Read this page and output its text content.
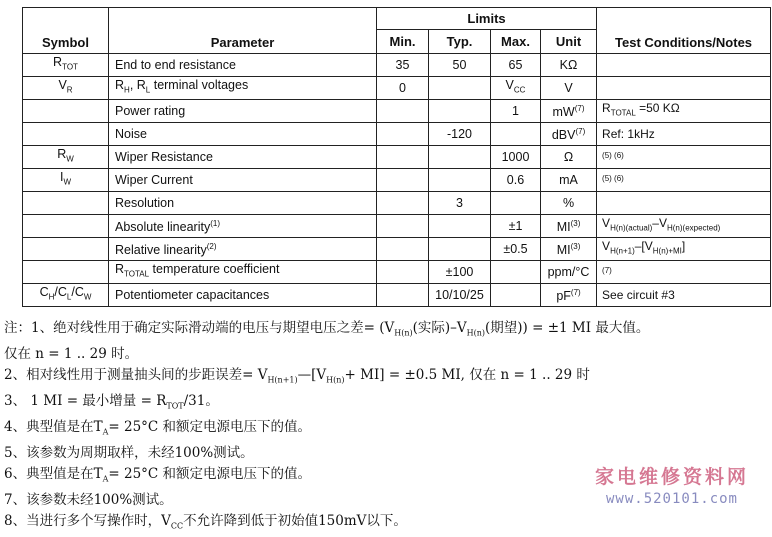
Symbol	Parameter	Limits				Test Conditions/Notes
		Min.	Typ.	Max.	Unit	
$R_{TOT}$	End to end resistance	35	50	65	KΩ	
$V_R$	$R_H$, $R_L$ terminal voltages	0		$V_{CC}$	V	
	Power rating			1	$mW^{(7)}$	$R_{TOTAL} =50$ KΩ
	Noise		-120		dBV$^{(7)}$	Ref: 1kHz
$R_W$	Wiper Resistance			1000	Ω	$^{(5) (6)}$
$I_W$	Wiper Current			0.6	mA	$^{(5) (6)}$
	Resolution		3		%	
	Absolute linearity$^{(1)}$			±1	MI$^{(3)}$	$V_{H(n)(actual)}-V_{H(n)(expected)}$
	Relative linearity$^{(2)}$			±0.5	MI$^{(3)}$	$V_{H(n+1)}-[V_{H(n)+MI}]$
	$R_{TOTAL}$ temperature coefficient		±100		ppm/°C	$^{(7)}$
$C_H/C_L/C_W$	Potentiometer capacitances		10/10/25		$pF^{(7)}$	See circuit #3
注：1、绝对线性用于确定实际滑动端的电压与期望电压之差= ($V_{H(n)}$(实际)$-V_{H(n)}$(期望)) = ±1 MI 最大值。
仅在 n = 1 .. 29 时。
2、相对线性用于测量抽头间的步距误差= $V_{H(n+1)}—[V_{H(n)}+ MI] = \pm 0.5$ MI, 仅在 n = 1 .. 29 时
3、 1 MI = 最小增量 = $R_{TOT}/31$。
4、典型值是在$T_A= 25^\circ C$ 和额定电源电压下的值。
5、该参数为周期取样，未经100%测试。
6、典型值是在$T_A= 25^\circ C$ 和额定电源电压下的值。
7、该参数未经100%测试。
8、当进行多个写操作时，$V_{CC}$不允许降到低于初始值150mV以下。
家电维修资料网
www.520101.com
